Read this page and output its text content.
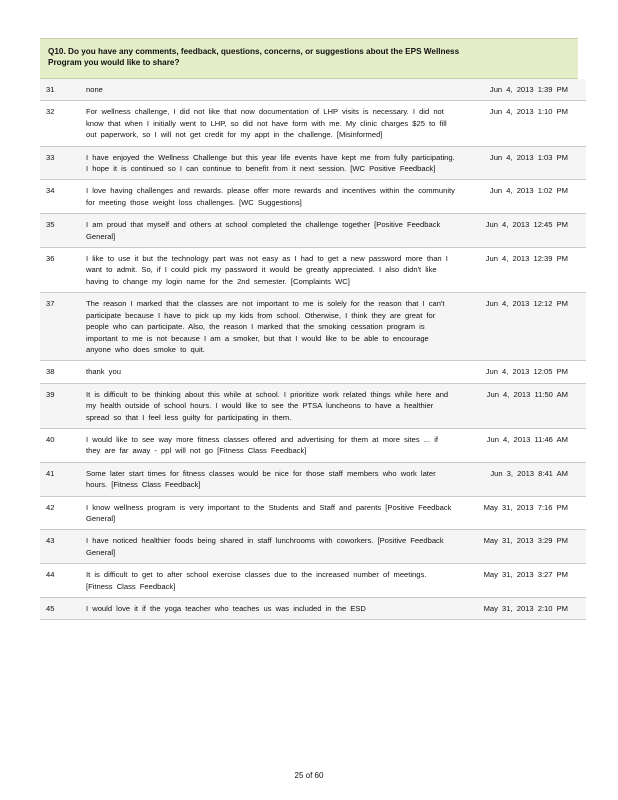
Q10. Do you have any comments, feedback, questions, concerns, or suggestions about the EPS Wellness
Program you would like to share?
31	none	Jun 4, 2013 1:39 PM
32	For wellness challenge, I did not like that now documentation of LHP visits is necessary. I did not know that when I initially went to LHP, so did not have form with me. My clinic charges $25 to fill out paperwork, so I will not get credit for my appt in the challenge. [Misinformed]	Jun 4, 2013 1:10 PM
33	I have enjoyed the Wellness Challenge but this year life events have kept me from fully participating. I hope it is continued so I can continue to benefit from it next session. [WC Positive Feedback]	Jun 4, 2013 1:03 PM
34	I love having challenges and rewards. please offer more rewards and incentives within the community for meeting those weight loss challenges. [WC Suggestions]	Jun 4, 2013 1:02 PM
35	I am proud that myself and others at school completed the challenge together [Positive Feedback General]	Jun 4, 2013 12:45 PM
36	I like to use it but the technology part was not easy as I had to get a new password more than I want to admit. So, if I could pick my password it would be greatly appreciated. I also didn't like having to change my login name for the 2nd semester. [Complaints WC]	Jun 4, 2013 12:39 PM
37	The reason I marked that the classes are not important to me is solely for the reason that I can't participate because I have to pick up my kids from school. Otherwise, I think they are great for people who can participate. Also, the reason I marked that the smoking cessation program is important to me is not because I am a smoker, but that I would like to be able to encourage anyone who does smoke to quit.	Jun 4, 2013 12:12 PM
38	thank you	Jun 4, 2013 12:05 PM
39	It is difficult to be thinking about this while at school. I prioritize work related things while here and my health outside of school hours. I would like to see the PTSA luncheons to have a healthier spread so that I feel less guilty for participating in them.	Jun 4, 2013 11:50 AM
40	I would like to see way more fitness classes offered and advertising for them at more sites ... if they are far away - ppl will not go [Fitness Class Feedback]	Jun 4, 2013 11:46 AM
41	Some later start times for fitness classes would be nice for those staff members who work later hours. [Fitness Class Feedback]	Jun 3, 2013 8:41 AM
42	I know wellness program is very important to the Students and Staff and parents [Positive Feedback General]	May 31, 2013 7:16 PM
43	I have noticed healthier foods being shared in staff lunchrooms with coworkers. [Positive Feedback General]	May 31, 2013 3:29 PM
44	It is difficult to get to after school exercise classes due to the increased number of meetings. [Fitness Class Feedback]	May 31, 2013 3:27 PM
45	I would love it if the yoga teacher who teaches us was included in the ESD	May 31, 2013 2:10 PM
25 of 60
